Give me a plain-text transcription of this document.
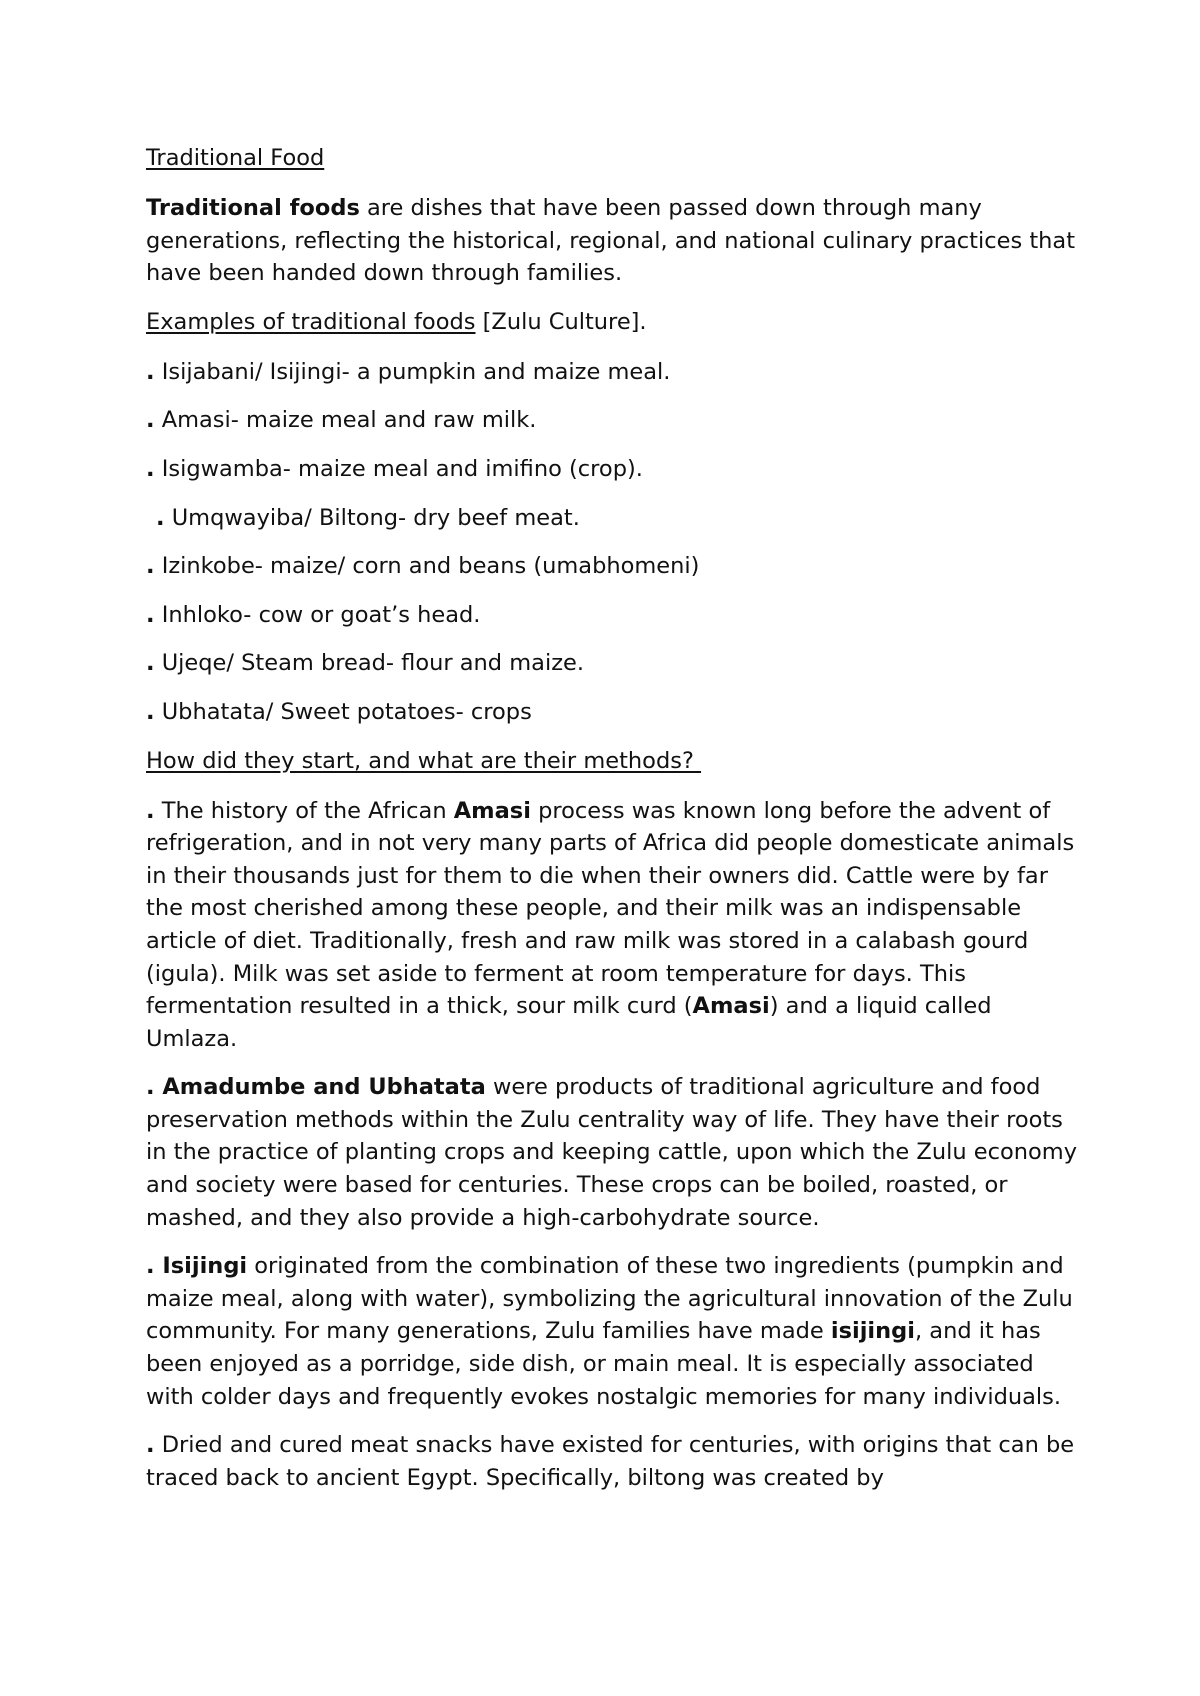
Traditional Food

Traditional foods are dishes that have been passed down through many generations, reflecting the historical, regional, and national culinary practices that have been handed down through families.

Examples of traditional foods [Zulu Culture].

. Isijabani/ Isijingi- a pumpkin and maize meal.

. Amasi- maize meal and raw milk.

. Isigwamba- maize meal and imifino (crop).

. Umqwayiba/ Biltong- dry beef meat.

. Izinkobe- maize/ corn and beans (umabhomeni)

. Inhloko- cow or goat’s head.

. Ujeqe/ Steam bread- flour and maize.

. Ubhatata/ Sweet potatoes- crops

How did they start, and what are their methods?

. The history of the African Amasi process was known long before the advent of refrigeration, and in not very many parts of Africa did people domesticate animals in their thousands just for them to die when their owners did. Cattle were by far the most cherished among these people, and their milk was an indispensable article of diet. Traditionally, fresh and raw milk was stored in a calabash gourd (igula). Milk was set aside to ferment at room temperature for days. This fermentation resulted in a thick, sour milk curd (Amasi) and a liquid called Umlaza.

. Amadumbe and Ubhatata were products of traditional agriculture and food preservation methods within the Zulu centrality way of life. They have their roots in the practice of planting crops and keeping cattle, upon which the Zulu economy and society were based for centuries. These crops can be boiled, roasted, or mashed, and they also provide a high-carbohydrate source.

. Isijingi originated from the combination of these two ingredients (pumpkin and maize meal, along with water), symbolizing the agricultural innovation of the Zulu community. For many generations, Zulu families have made isijingi, and it has been enjoyed as a porridge, side dish, or main meal. It is especially associated with colder days and frequently evokes nostalgic memories for many individuals.

. Dried and cured meat snacks have existed for centuries, with origins that can be traced back to ancient Egypt. Specifically, biltong was created by
